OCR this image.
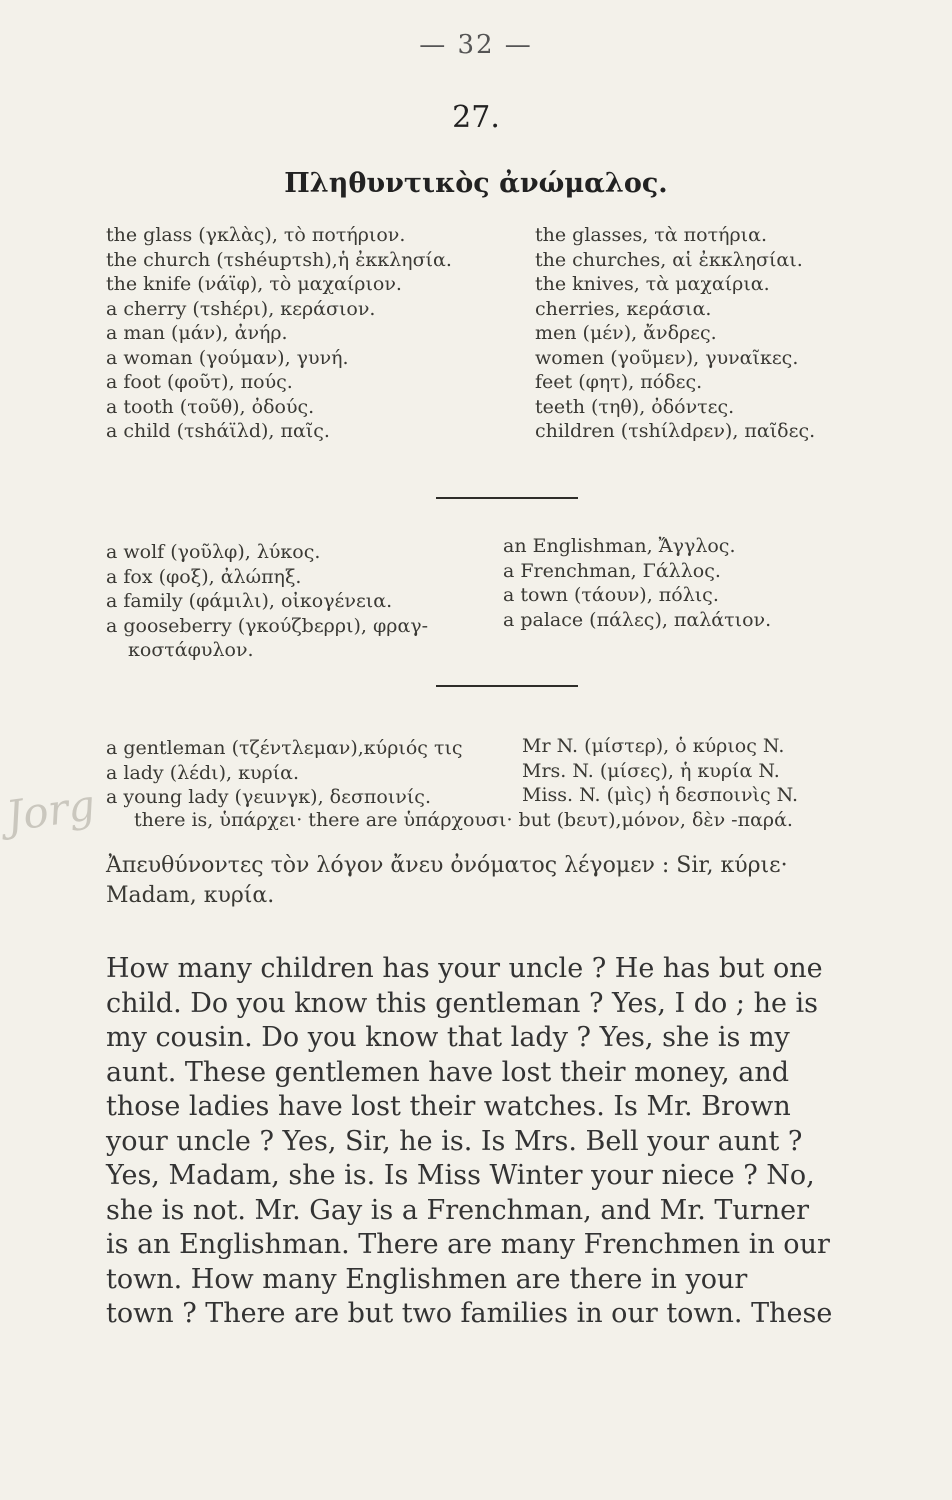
— 32 —
27.
Πληθυντικὸς ἀνώμαλος.
the glass (γκλὰς), τὸ ποτήριον.
the church (τshéupτsh),ἡ ἐκκλησία.
the knife (νάϊφ), τὸ μαχαίριον.
a cherry (τshέρι), κεράσιον.
a man (μάν), ἀνήρ.
a woman (γούμαν), γυνή.
a foot (φοῦτ), πούς.
a tooth (τοῦθ), ὀδούς.
a child (τshάϊλd), παῖς.
the glasses, τὰ ποτήρια.
the churches, αἱ ἐκκλησίαι.
the knives, τὰ μαχαίρια.
cherries, κεράσια.
men (μέν), ἄνδρες.
women (γοῦμεν), γυναῖκες.
feet (φητ), πόδες.
teeth (τηθ), ὀδόντες.
children (τshίλdρεν), παῖδες.
a wolf (γοῦλφ), λύκος.
a fox (φοξ), ἀλώπηξ.
a family (φάμιλι), οἰκογένεια.
a gooseberry (γκούζbερρι), φραγ-
κοστάφυλον.
an Englishman, Ἄγγλος.
a Frenchman, Γάλλος.
a town (τάουν), πόλις.
a palace (πάλες), παλάτιον.
a gentleman (τζέντλεμαν),κύριός τις
a lady (λέdι), κυρία.
a young lady (γεuνγκ), δεσποινίς.
Mr N. (μίστερ), ὁ κύριος N.
Mrs. N. (μίσες), ἡ κυρία N.
Miss. N. (μὶς) ἡ δεσποινὶς N.
there is, ὑπάρχει· there are ὑπάρχουσι· but (bευτ),μόνον, δὲν -παρά.
Ἀπευθύνοντες τὸν λόγον ἄνευ ὀνόματος λέγομεν : Sir, κύριε·
Madam, κυρία.
Jorg
How many children has your uncle ? He has but one
child. Do you know this gentleman ? Yes, I do ; he is
my cousin. Do you know that lady ? Yes, she is my
aunt. These gentlemen have lost their money, and
those ladies have lost their watches. Is Mr. Brown
your uncle ? Yes, Sir, he is. Is Mrs. Bell your aunt ?
Yes, Madam, she is. Is Miss Winter your niece ? No,
she is not. Mr. Gay is a Frenchman, and Mr. Turner
is an Englishman. There are many Frenchmen in our
town. How many Englishmen are there in your
town ? There are but two families in our town. These
